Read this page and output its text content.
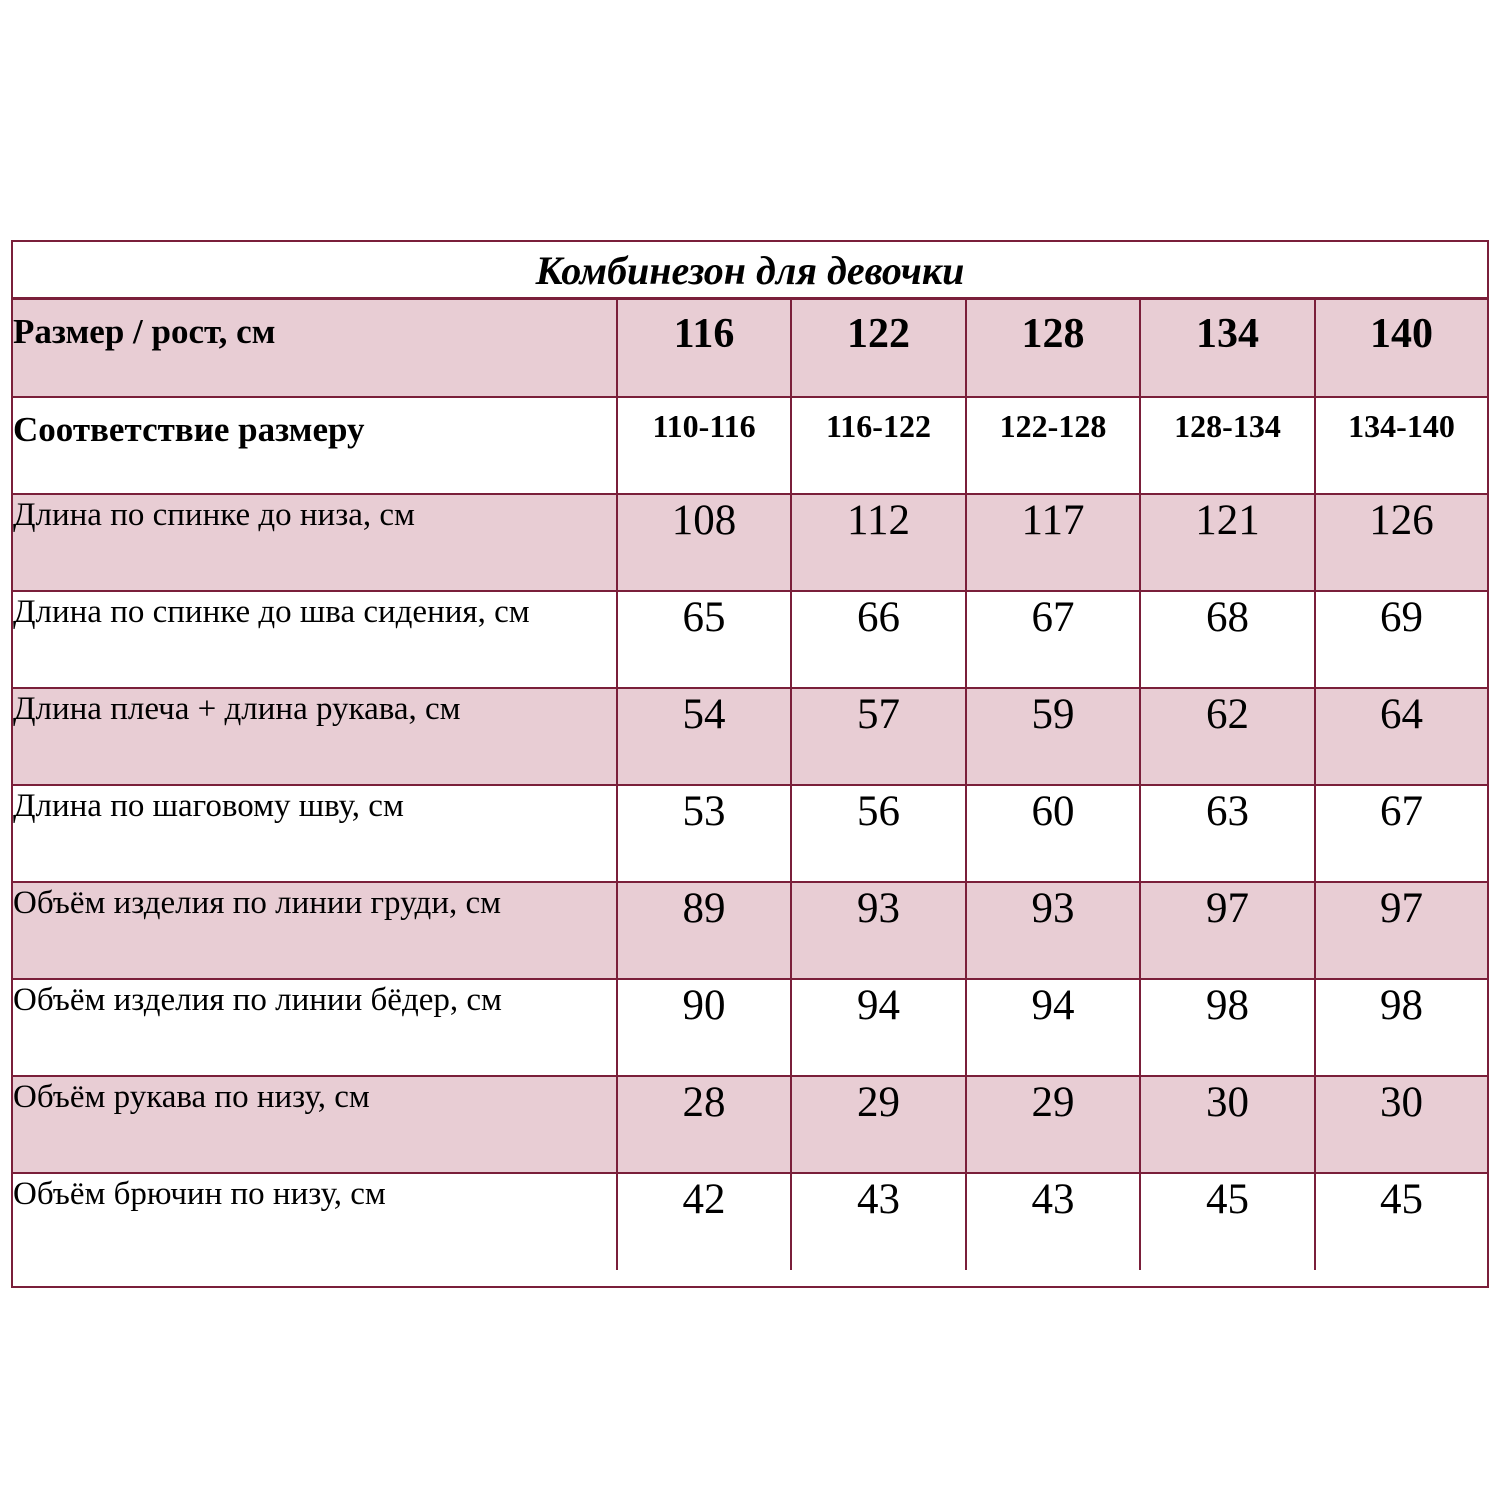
Комбинезон для девочки
Размер / рост, см	116	122	128	134	140
Соответствие размеру	110-116	116-122	122-128	128-134	134-140
Длина по спинке до низа, см	108	112	117	121	126
Длина по спинке до шва сидения, см	65	66	67	68	69
Длина плеча + длина рукава, см	54	57	59	62	64
Длина по шаговому шву, см	53	56	60	63	67
Объём изделия по линии груди, см	89	93	93	97	97
Объём изделия по линии бёдер, см	90	94	94	98	98
Объём рукава по низу, см	28	29	29	30	30
Объём брючин по низу, см	42	43	43	45	45
